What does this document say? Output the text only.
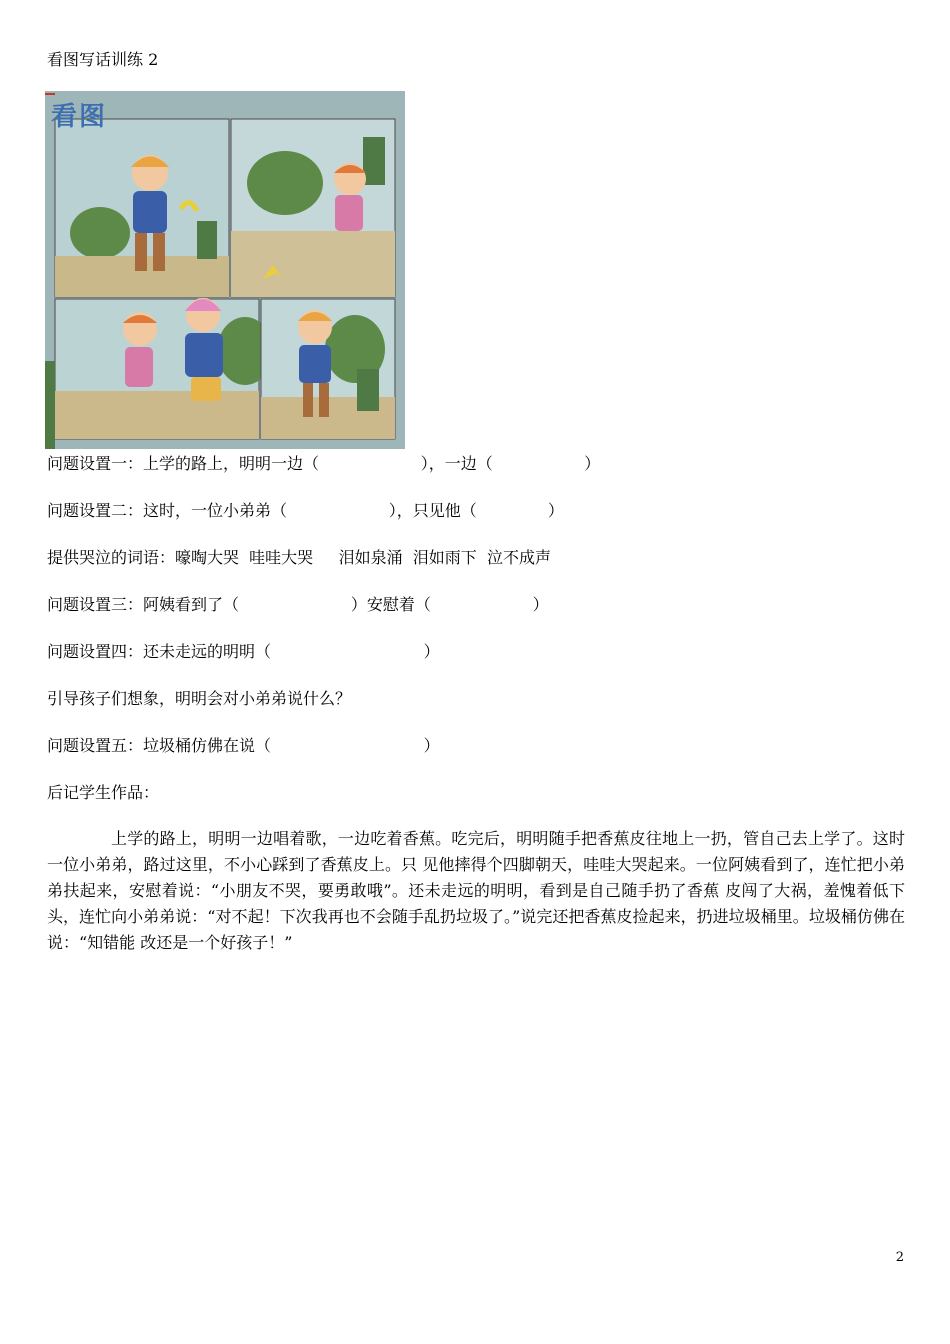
看图写话训练 2
看图
问题设置一：上学的路上，明明一边（                    ），一边（                  ）
问题设置二：这时，一位小弟弟（                    ），只见他（              ）
提供哭泣的词语：嚎啕大哭  哇哇大哭     泪如泉涌  泪如雨下  泣不成声
问题设置三：阿姨看到了（                      ）安慰着（                    ）
问题设置四：还未走远的明明（                              ）
引导孩子们想象，明明会对小弟弟说什么？
问题设置五：垃圾桶仿佛在说（                              ）
后记学生作品：
上学的路上，明明一边唱着歌，一边吃着香蕉。吃完后，明明随手把香蕉皮往地上一扔，管自己去上学了。这时一位小弟弟，路过这里，不小心踩到了香蕉皮上。只 见他摔得个四脚朝天，哇哇大哭起来。一位阿姨看到了，连忙把小弟弟扶起来，安慰着说：“小朋友不哭，要勇敢哦”。还未走远的明明，看到是自己随手扔了香蕉 皮闯了大祸，羞愧着低下头，连忙向小弟弟说：“对不起！下次我再也不会随手乱扔垃圾了。”说完还把香蕉皮捡起来，扔进垃圾桶里。垃圾桶仿佛在说：“知错能 改还是一个好孩子！”
2
